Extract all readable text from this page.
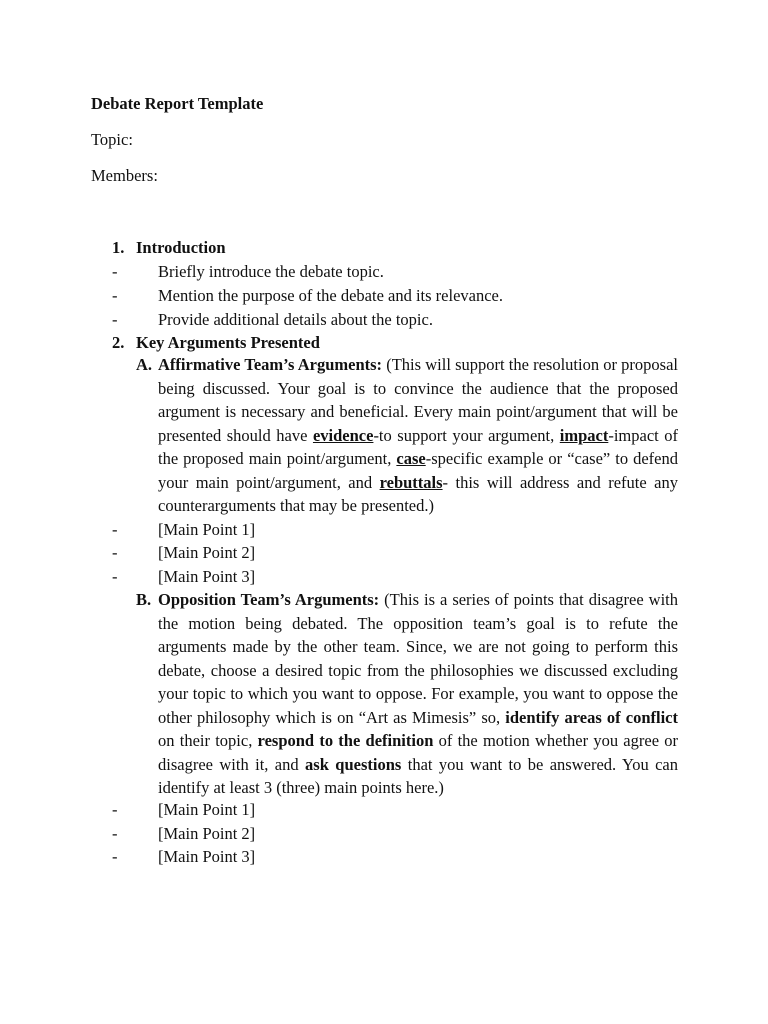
Debate Report Template
Topic:
Members:
1. Introduction
- Briefly introduce the debate topic.
- Mention the purpose of the debate and its relevance.
- Provide additional details about the topic.
2. Key Arguments Presented
A. Affirmative Team’s Arguments: (This will support the resolution or proposal being discussed. Your goal is to convince the audience that the proposed argument is necessary and beneficial. Every main point/argument that will be presented should have evidence-to support your argument, impact-impact of the proposed main point/argument, case-specific example or “case” to defend your main point/argument, and rebuttals- this will address and refute any counterarguments that may be presented.)
- [Main Point 1]
- [Main Point 2]
- [Main Point 3]
B. Opposition Team’s Arguments: (This is a series of points that disagree with the motion being debated. The opposition team’s goal is to refute the arguments made by the other team. Since, we are not going to perform this debate, choose a desired topic from the philosophies we discussed excluding your topic to which you want to oppose. For example, you want to oppose the other philosophy which is on “Art as Mimesis” so, identify areas of conflict on their topic, respond to the definition of the motion whether you agree or disagree with it, and ask questions that you want to be answered. You can identify at least 3 (three) main points here.)
- [Main Point 1]
- [Main Point 2]
- [Main Point 3]
